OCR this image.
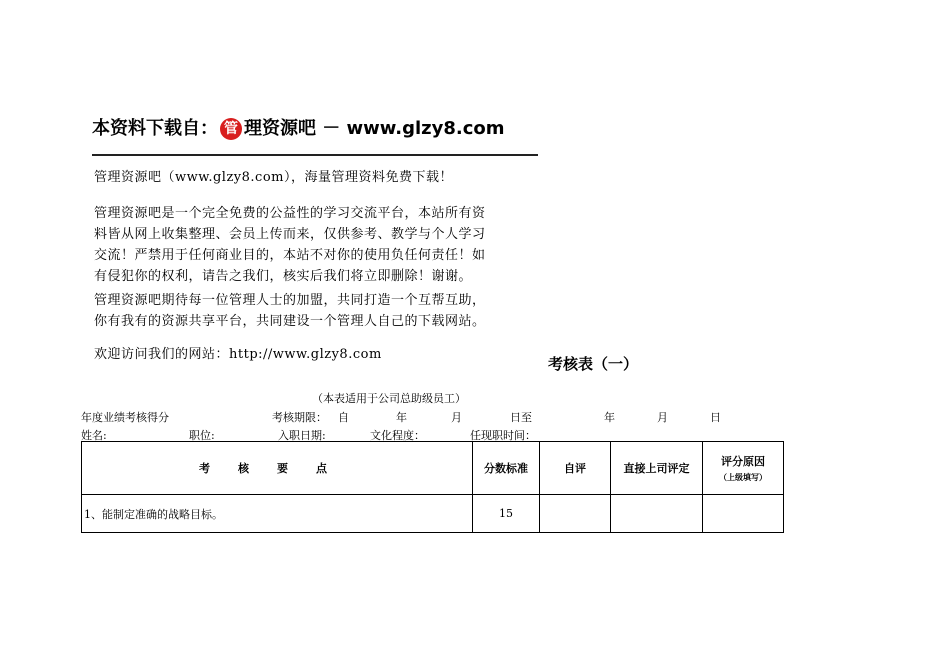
本资料下载自： 管 理资源吧 － www.glzy8.com
管理资源吧（www.glzy8.com），海量管理资料免费下载！
管理资源吧是一个完全免费的公益性的学习交流平台，本站所有资
料皆从网上收集整理、会员上传而来，仅供参考、教学与个人学习
交流！严禁用于任何商业目的，本站不对你的使用负任何责任！如
有侵犯你的权利，请告之我们，核实后我们将立即删除！谢谢。
管理资源吧期待每一位管理人士的加盟，共同打造一个互帮互助，
你有我有的资源共享平台，共同建设一个管理人自己的下载网站。
欢迎访问我们的网站：http://www.glzy8.com
考核表（一）
（本表适用于公司总助级员工）
年度业绩考核得分	考核期限： 自	年	月	日至	年	月	日
姓名:	职位:	入职日期:	文化程度：	任现职时间：
考核要点	分数标准	自评	直接上司评定	评分原因
（上级填写）

1、能制定准确的战略目标。	15			
